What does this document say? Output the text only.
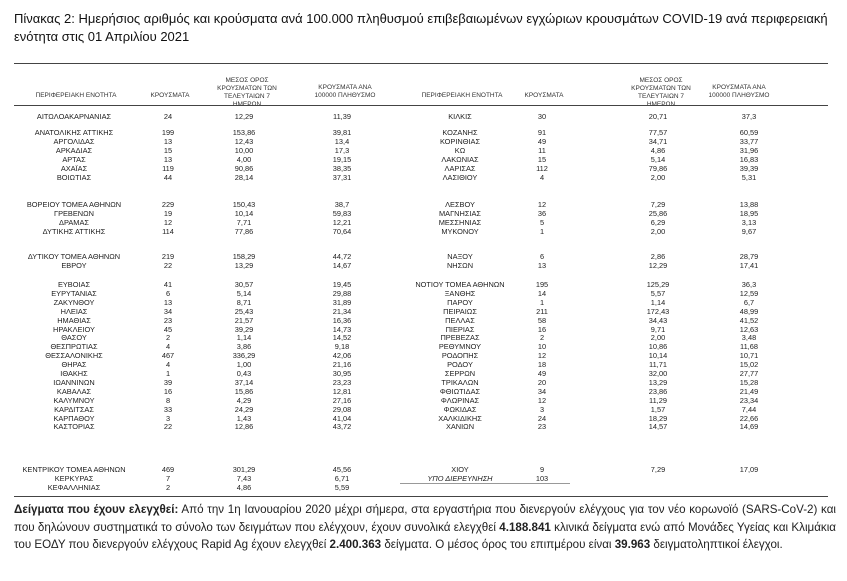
Πίνακας 2: Ημερήσιος αριθμός και κρούσματα ανά 100.000 πληθυσμού επιβεβαιωμένων εγχώριων κρουσμάτων COVID-19 ανά περιφερειακή ενότητα στις 01 Απριλίου 2021
ΠΕΡΙΦΕΡΕΙΑΚΗ ΕΝΟΤΗΤΑ	ΚΡΟΥΣΜΑΤΑ
ΜΕΣΟΣ ΟΡΟΣ ΚΡΟΥΣΜΑΤΩΝ ΤΩΝ ΤΕΛΕΥΤΑΙΩΝ 7 ΗΜΕΡΩΝ
ΚΡΟΥΣΜΑΤΑ ΑΝΑ 100000 ΠΛΗΘΥΣΜΟ	ΠΕΡΙΦΕΡΕΙΑΚΗ ΕΝΟΤΗΤΑ	ΚΡΟΥΣΜΑΤΑ
ΜΕΣΟΣ ΟΡΟΣ ΚΡΟΥΣΜΑΤΩΝ ΤΩΝ ΤΕΛΕΥΤΑΙΩΝ 7 ΗΜΕΡΩΝ
ΚΡΟΥΣΜΑΤΑ ΑΝΑ 100000 ΠΛΗΘΥΣΜΟ
ΑΙΤΩΛΟΑΚΑΡΝΑΝΙΑΣ	24	12,29	11,39
ΑΝΑΤΟΛΙΚΗΣ ΑΤΤΙΚΗΣ	199	153,86	39,81
ΑΡΓΟΛΙΔΑΣ	13	12,43	13,4
ΑΡΚΑΔΙΑΣ	15	10,00	17,3
ΑΡΤΑΣ	13	4,00	19,15
ΑΧΑΪΑΣ	119	90,86	38,35
ΒΟΙΩΤΙΑΣ	44	28,14	37,31
ΒΟΡΕΙΟΥ ΤΟΜΕΑ ΑΘΗΝΩΝ	229	150,43	38,7
ΓΡΕΒΕΝΩΝ	19	10,14	59,83
ΔΡΑΜΑΣ	12	7,71	12,21
ΔΥΤΙΚΗΣ ΑΤΤΙΚΗΣ	114	77,86	70,64
ΔΥΤΙΚΟΥ ΤΟΜΕΑ ΑΘΗΝΩΝ	219	158,29	44,72
ΕΒΡΟΥ	22	13,29	14,67
ΕΥΒΟΙΑΣ	41	30,57	19,45
ΕΥΡΥΤΑΝΙΑΣ	6	5,14	29,88
ΖΑΚΥΝΘΟΥ	13	8,71	31,89
ΗΛΕΙΑΣ	34	25,43	21,34
ΗΜΑΘΙΑΣ	23	21,57	16,36
ΗΡΑΚΛΕΙΟΥ	45	39,29	14,73
ΘΑΣΟΥ	2	1,14	14,52
ΘΕΣΠΡΩΤΙΑΣ	4	3,86	9,18
ΘΕΣΣΑΛΟΝΙΚΗΣ	467	336,29	42,06
ΘΗΡΑΣ	4	1,00	21,16
ΙΘΑΚΗΣ	1	0,43	30,95
ΙΩΑΝΝΙΝΩΝ	39	37,14	23,23
ΚΑΒΑΛΑΣ	16	15,86	12,81
ΚΑΛΥΜΝΟΥ	8	4,29	27,16
ΚΑΡΔΙΤΣΑΣ	33	24,29	29,08
ΚΑΡΠΑΘΟΥ	3	1,43	41,04
ΚΑΣΤΟΡΙΑΣ	22	12,86	43,72
ΚΕΝΤΡΙΚΟΥ ΤΟΜΕΑ ΑΘΗΝΩΝ	469	301,29	45,56
ΚΕΡΚΥΡΑΣ	7	7,43	6,71
ΚΕΦΑΛΛΗΝΙΑΣ	2	4,86	5,59
ΚΙΛΚΙΣ	30	20,71	37,3
ΚΟΖΑΝΗΣ	91	77,57	60,59
ΚΟΡΙΝΘΙΑΣ	49	34,71	33,77
ΚΩ	11	4,86	31,96
ΛΑΚΩΝΙΑΣ	15	5,14	16,83
ΛΑΡΙΣΑΣ	112	79,86	39,39
ΛΑΣΙΘΙΟΥ	4	2,00	5,31
ΛΕΣΒΟΥ	12	7,29	13,88
ΜΑΓΝΗΣΙΑΣ	36	25,86	18,95
ΜΕΣΣΗΝΙΑΣ	5	6,29	3,13
ΜΥΚΟΝΟΥ	1	2,00	9,67
ΝΑΞΟΥ	6	2,86	28,79
ΝΗΣΩΝ	13	12,29	17,41
ΝΟΤΙΟΥ ΤΟΜΕΑ ΑΘΗΝΩΝ	195	125,29	36,3
ΞΑΝΘΗΣ	14	5,57	12,59
ΠΑΡΟΥ	1	1,14	6,7
ΠΕΙΡΑΙΩΣ	211	172,43	48,99
ΠΕΛΛΑΣ	58	34,43	41,52
ΠΙΕΡΙΑΣ	16	9,71	12,63
ΠΡΕΒΕΖΑΣ	2	2,00	3,48
ΡΕΘΥΜΝΟΥ	10	10,86	11,68
ΡΟΔΟΠΗΣ	12	10,14	10,71
ΡΟΔΟΥ	18	11,71	15,02
ΣΕΡΡΩΝ	49	32,00	27,77
ΤΡΙΚΑΛΩΝ	20	13,29	15,28
ΦΘΙΩΤΙΔΑΣ	34	23,86	21,49
ΦΛΩΡΙΝΑΣ	12	11,29	23,34
ΦΩΚΙΔΑΣ	3	1,57	7,44
ΧΑΛΚΙΔΙΚΗΣ	24	18,29	22,66
ΧΑΝΙΩΝ	23	14,57	14,69
ΧΙΟΥ	9	7,29	17,09
ΥΠΟ ΔΙΕΡΕΥΝΗΣΗ	103
Δείγματα που έχουν ελεγχθεί: Από την 1η Ιανουαρίου 2020 μέχρι σήμερα, στα εργαστήρια που διενεργούν ελέγχους για τον νέο κορωνοϊό (SARS-CoV-2) και που δηλώνουν συστηματικά το σύνολο των δειγμάτων που ελέγχουν, έχουν συνολικά ελεγχθεί 4.188.841 κλινικά δείγματα ενώ από Μονάδες Υγείας και Κλιμάκια του ΕΟΔΥ που διενεργούν ελέγχους Rapid Ag έχουν ελεγχθεί 2.400.363 δείγματα. Ο μέσος όρος του επιπμέρου είναι 39.963 δειγματοληπτικοί έλεγχοι.
